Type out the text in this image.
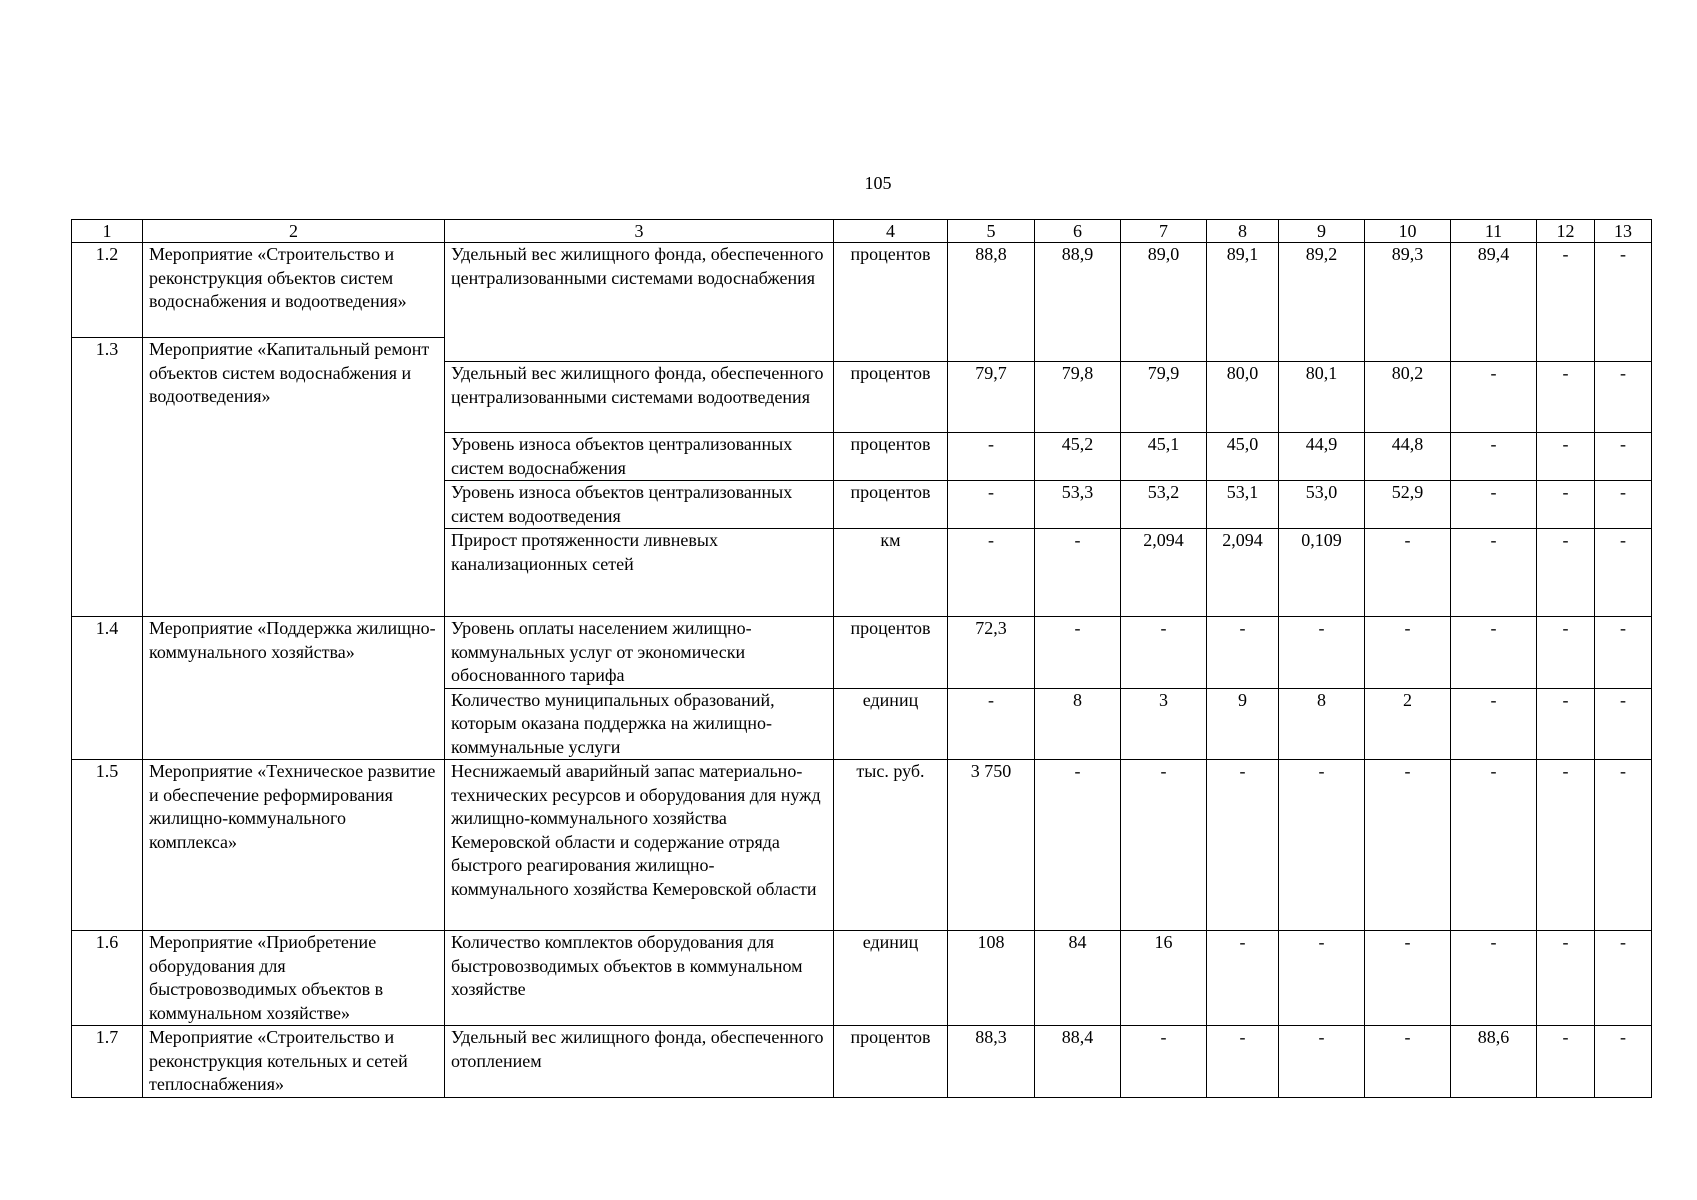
105
1	2	3	4	5	6	7	8	9	10	11	12	13
1.2	Мероприятие «Строительство и реконструкция объектов систем водоснабжения и водоотведения»	Удельный вес жилищного фонда, обеспеченного централизованными системами водоснабжения	процентов	88,8	88,9	89,0	89,1	89,2	89,3	89,4	-	-
1.3	Мероприятие «Капитальный ремонт объектов систем водоснабжения и водоотведения»											
		Удельный вес жилищного фонда, обеспеченного централизованными системами водоотведения	процентов	79,7	79,8	79,9	80,0	80,1	80,2	-	-	-
		Уровень износа объектов централизованных систем водоснабжения	процентов	-	45,2	45,1	45,0	44,9	44,8	-	-	-
		Уровень износа объектов централизованных систем водоотведения	процентов	-	53,3	53,2	53,1	53,0	52,9	-	-	-
		Прирост протяженности ливневых канализационных сетей	км	-	-	2,094	2,094	0,109	-	-	-	-
1.4	Мероприятие «Поддержка жилищно-коммунального хозяйства»	Уровень оплаты населением жилищно-коммунальных услуг от экономически обоснованного тарифа	процентов	72,3	-	-	-	-	-	-	-	-
		Количество муниципальных образований, которым оказана поддержка на жилищно-коммунальные услуги	единиц	-	8	3	9	8	2	-	-	-
1.5	Мероприятие «Техническое развитие и обеспечение реформирования жилищно-коммунального комплекса»	Неснижаемый аварийный запас материально-технических ресурсов и оборудования для нужд жилищно-коммунального хозяйства Кемеровской области и содержание отряда быстрого реагирования жилищно-коммунального хозяйства Кемеровской области	тыс. руб.	3 750	-	-	-	-	-	-	-	-
1.6	Мероприятие «Приобретение оборудования для быстровозводимых объектов в коммунальном хозяйстве»	Количество комплектов оборудования для быстровозводимых объектов в коммунальном хозяйстве	единиц	108	84	16	-	-	-	-	-	-
1.7	Мероприятие «Строительство и реконструкция котельных и сетей теплоснабжения»	Удельный вес жилищного фонда, обеспеченного отоплением	процентов	88,3	88,4	-	-	-	-	88,6	-	-
